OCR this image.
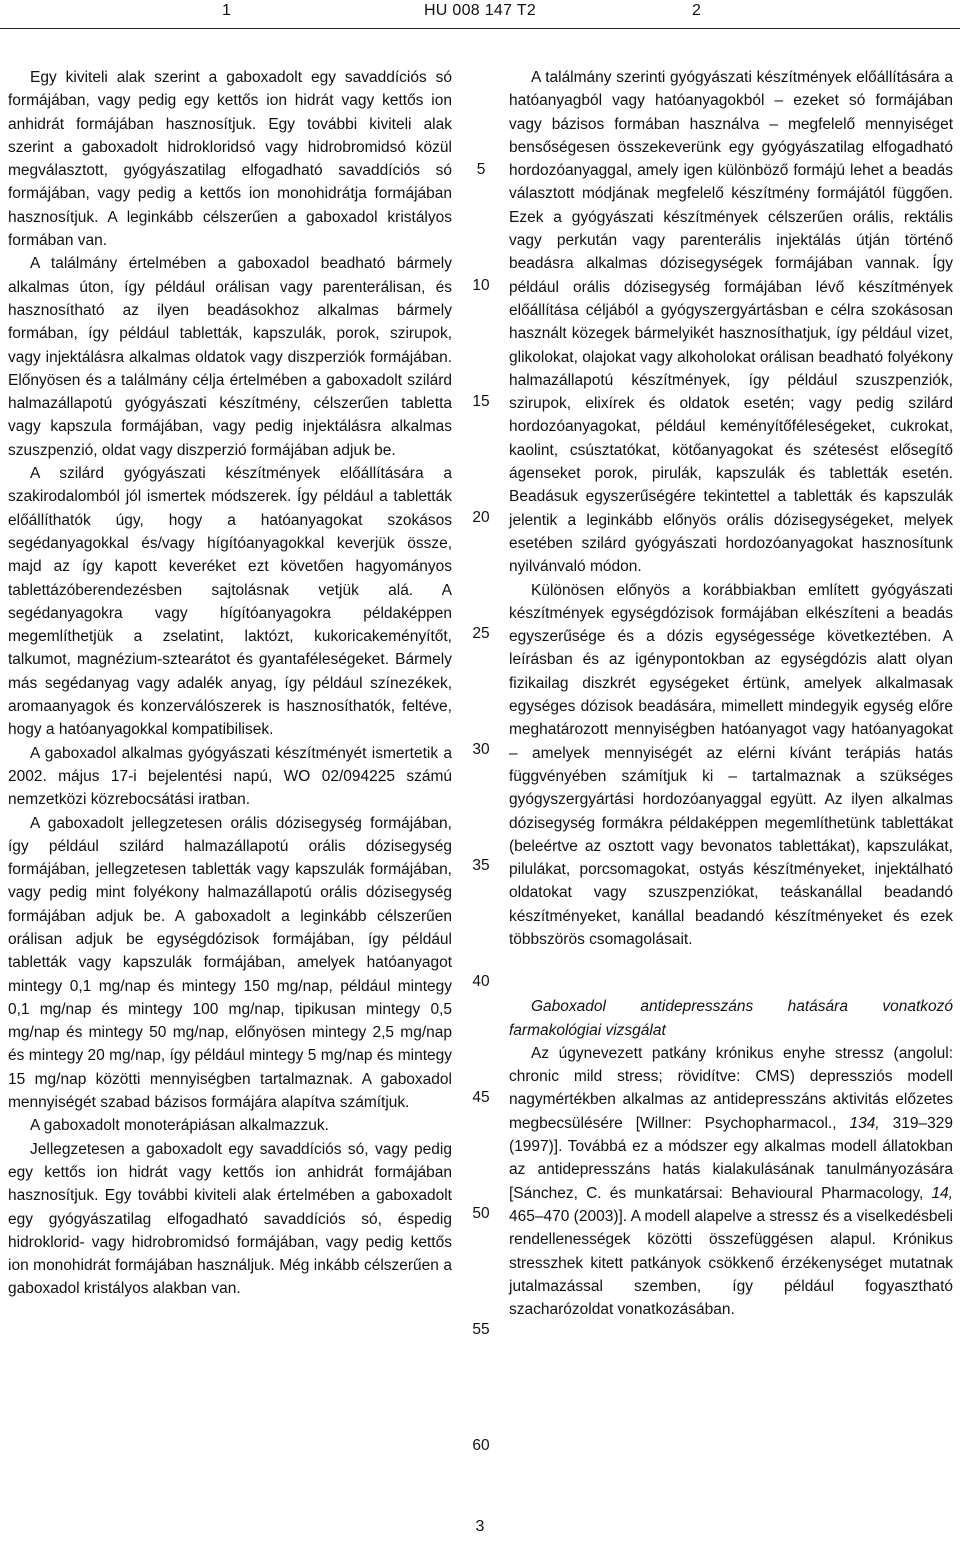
1	HU 008 147 T2	2

Egy kiviteli alak szerint a gaboxadolt egy savaddíciós só formájában, vagy pedig egy kettős ion hidrát vagy kettős ion anhidrát formájában hasznosítjuk. Egy további kiviteli alak szerint a gaboxadolt hidrokloridsó vagy hidrobromidsó közül megválasztott, gyógyászatilag elfogadható savaddíciós só formájában, vagy pedig a kettős ion monohidrátja formájában hasznosítjuk. A leginkább célszerűen a gaboxadol kristályos formában van.

A találmány értelmében a gaboxadol beadható bármely alkalmas úton, így például orálisan vagy parenterálisan, és hasznosítható az ilyen beadásokhoz alkalmas bármely formában, így például tabletták, kapszulák, porok, szirupok, vagy injektálásra alkalmas oldatok vagy diszperziók formájában. Előnyösen és a találmány célja értelmében a gaboxadolt szilárd halmazállapotú gyógyászati készítmény, célszerűen tabletta vagy kapszula formájában, vagy pedig injektálásra alkalmas szuszpenzió, oldat vagy diszperzió formájában adjuk be.

A szilárd gyógyászati készítmények előállítására a szakirodalomból jól ismertek módszerek. Így például a tabletták előállíthatók úgy, hogy a hatóanyagokat szokásos segédanyagokkal és/vagy hígítóanyagokkal keverjük össze, majd az így kapott keveréket ezt követően hagyományos tablettázóberendezésben sajtolásnak vetjük alá. A segédanyagokra vagy hígítóanyagokra példaképpen megemlíthetjük a zselatint, laktózt, kukoricakeményítőt, talkumot, magnézium-sztearátot és gyantaféleségeket. Bármely más segédanyag vagy adalék anyag, így például színezékek, aromaanyagok és konzerválószerek is hasznosíthatók, feltéve, hogy a hatóanyagokkal kompatibilisek.

A gaboxadol alkalmas gyógyászati készítményét ismertetik a 2002. május 17-i bejelentési napú, WO 02/094225 számú nemzetközi közrebocsátási iratban.

A gaboxadolt jellegzetesen orális dózisegység formájában, így például szilárd halmazállapotú orális dózisegység formájában, jellegzetesen tabletták vagy kapszulák formájában, vagy pedig mint folyékony halmazállapotú orális dózisegység formájában adjuk be. A gaboxadolt a leginkább célszerűen orálisan adjuk be egységdózisok formájában, így például tabletták vagy kapszulák formájában, amelyek hatóanyagot mintegy 0,1 mg/nap és mintegy 150 mg/nap, például mintegy 0,1 mg/nap és mintegy 100 mg/nap, tipikusan mintegy 0,5 mg/nap és mintegy 50 mg/nap, előnyösen mintegy 2,5 mg/nap és mintegy 20 mg/nap, így például mintegy 5 mg/nap és mintegy 15 mg/nap közötti mennyiségben tartalmaznak. A gaboxadol mennyiségét szabad bázisos formájára alapítva számítjuk.

A gaboxadolt monoterápiásan alkalmazzuk.

Jellegzetesen a gaboxadolt egy savaddíciós só, vagy pedig egy kettős ion hidrát vagy kettős ion anhidrát formájában hasznosítjuk. Egy további kiviteli alak értelmében a gaboxadolt egy gyógyászatilag elfogadható savaddíciós só, éspedig hidroklorid- vagy hidrobromidsó formájában, vagy pedig kettős ion monohidrát formájában használjuk. Még inkább célszerűen a gaboxadol kristályos alakban van.

A találmány szerinti gyógyászati készítmények előállítására a hatóanyagból vagy hatóanyagokból – ezeket só formájában vagy bázisos formában használva – megfelelő mennyiséget bensőségesen összekeverünk egy gyógyászatilag elfogadható hordozóanyaggal, amely igen különböző formájú lehet a beadás választott módjának megfelelő készítmény formájától függően. Ezek a gyógyászati készítmények célszerűen orális, rektális vagy perkután vagy parenterális injektálás útján történő beadásra alkalmas dózisegységek formájában vannak. Így például orális dózisegység formájában lévő készítmények előállítása céljából a gyógyszergyártásban e célra szokásosan használt közegek bármelyikét hasznosíthatjuk, így például vizet, glikolokat, olajokat vagy alkoholokat orálisan beadható folyékony halmazállapotú készítmények, így például szuszpenziók, szirupok, elixírek és oldatok esetén; vagy pedig szilárd hordozóanyagokat, például keményítőféleségeket, cukrokat, kaolint, csúsztatókat, kötőanyagokat és szétesést elősegítő ágenseket porok, pirulák, kapszulák és tabletták esetén. Beadásuk egyszerűségére tekintettel a tabletták és kapszulák jelentik a leginkább előnyös orális dózisegységeket, melyek esetében szilárd gyógyászati hordozóanyagokat hasznosítunk nyilvánvaló módon.

Különösen előnyös a korábbiakban említett gyógyászati készítmények egységdózisok formájában elkészíteni a beadás egyszerűsége és a dózis egységessége következtében. A leírásban és az igénypontokban az egységdózis alatt olyan fizikailag diszkrét egységeket értünk, amelyek alkalmasak egységes dózisok beadására, mimellett mindegyik egység előre meghatározott mennyiségben hatóanyagot vagy hatóanyagokat – amelyek mennyiségét az elérni kívánt terápiás hatás függvényében számítjuk ki – tartalmaznak a szükséges gyógyszergyártási hordozóanyaggal együtt. Az ilyen alkalmas dózisegység formákra példaképpen megemlíthetünk tablettákat (beleértve az osztott vagy bevonatos tablettákat), kapszulákat, pilulákat, porcsomagokat, ostyás készítményeket, injektálható oldatokat vagy szuszpenziókat, teáskanállal beadandó készítményeket, kanállal beadandó készítményeket és ezek többszörös csomagolásait.

Gaboxadol antidepresszáns hatására vonatkozó farmakológiai vizsgálat

Az úgynevezett patkány krónikus enyhe stressz (angolul: chronic mild stress; rövidítve: CMS) depressziós modell nagymértékben alkalmas az antidepresszáns aktivitás előzetes megbecsülésére [Willner: Psychopharmacol., 134, 319–329 (1997)]. Továbbá ez a módszer egy alkalmas modell állatokban az antidepresszáns hatás kialakulásának tanulmányozására [Sánchez, C. és munkatársai: Behavioural Pharmacology, 14, 465–470 (2003)]. A modell alapelve a stressz és a viselkedésbeli rendellenességek közötti összefüggésen alapul. Krónikus stresszhek kitett patkányok csökkenő érzékenységet mutatnak jutalmazással szemben, így például fogyasztható szacharózoldat vonatkozásában.

5
10
15
20
25
30
35
40
45
50
55
60
3
